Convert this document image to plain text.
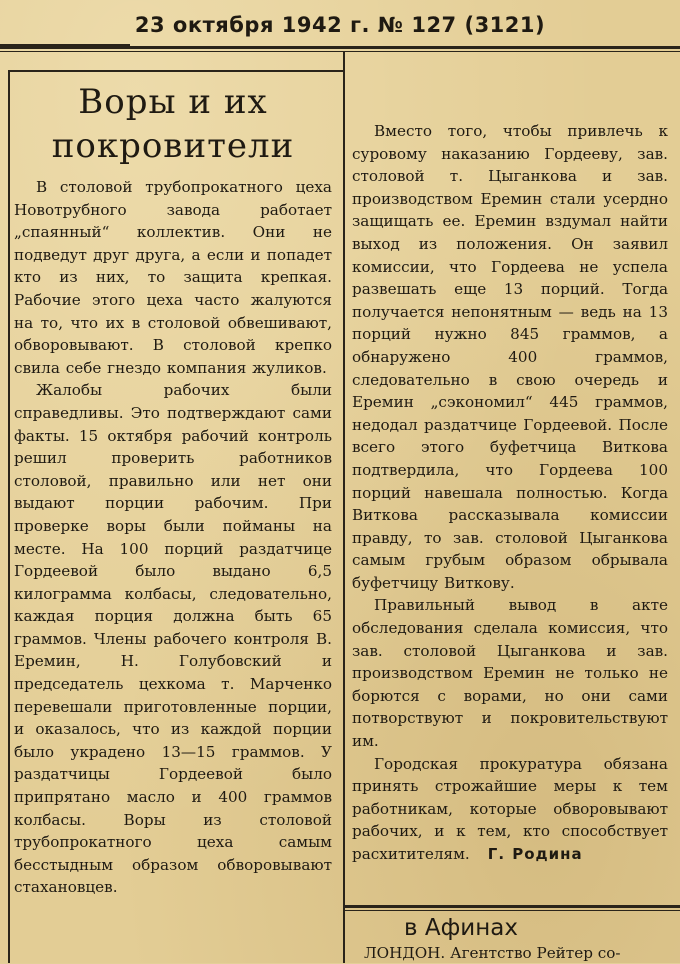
23 октября 1942 г. № 127 (3121)
Воры и их
покровители

В столовой трубопрокатного цеха Новотрубного завода работает „спаянный“ коллектив. Они не подведут друг друга, а если и попадет кто из них, то защита крепкая. Рабочие этого цеха часто жалуются на то, что их в столовой обвешивают, обворовывают. В столовой крепко свила себе гнездо компания жуликов.

Жалобы рабочих были справедливы. Это подтверждают сами факты. 15 октября рабочий контроль решил проверить работников столовой, правильно или нет они выдают порции рабочим. При проверке воры были пойманы на месте. На 100 порций раздатчице Гордеевой было выдано 6,5 килограмма колбасы, следовательно, каждая порция должна быть 65 граммов. Члены рабочего контроля В. Еремин, Н. Голубовский и председатель цехкома т. Марченко перевешали приготовленные порции, и оказалось, что из каждой порции было украдено 13—15 граммов. У раздатчицы Гордеевой было припрятано масло и 400 граммов колбасы. Воры из столовой трубопрокатного цеха самым бесстыдным образом обворовывают стахановцев.

Вместо того, чтобы привлечь к суровому наказанию Гордееву, зав. столовой т. Цыганкова и зав. производством Еремин стали усердно защищать ее. Еремин вздумал найти выход из положения. Он заявил комиссии, что Гордеева не успела развешать еще 13 порций. Тогда получается непонятным — ведь на 13 порций нужно 845 граммов, а обнаружено 400 граммов, следовательно в свою очередь и Еремин „сэкономил“ 445 граммов, недодал раздатчице Гордеевой. После всего этого буфетчица Виткова подтвердила, что Гордеева 100 порций навешала полностью. Когда Виткова рассказывала комиссии правду, то зав. столовой Цыганкова самым грубым образом обрывала буфетчицу Виткову.

Правильный вывод в акте обследования сделала комиссия, что зав. столовой Цыганкова и зав. производством Еремин не только не борются с ворами, но они сами потворствуют и покровительствуют им.

Городская прокуратура обязана принять строжайшие меры к тем работникам, которые обворовывают рабочих, и к тем, кто способствует расхитителям. Г. Родина

в Афинах
ЛОНДОН. Агентство Рейтер со-
